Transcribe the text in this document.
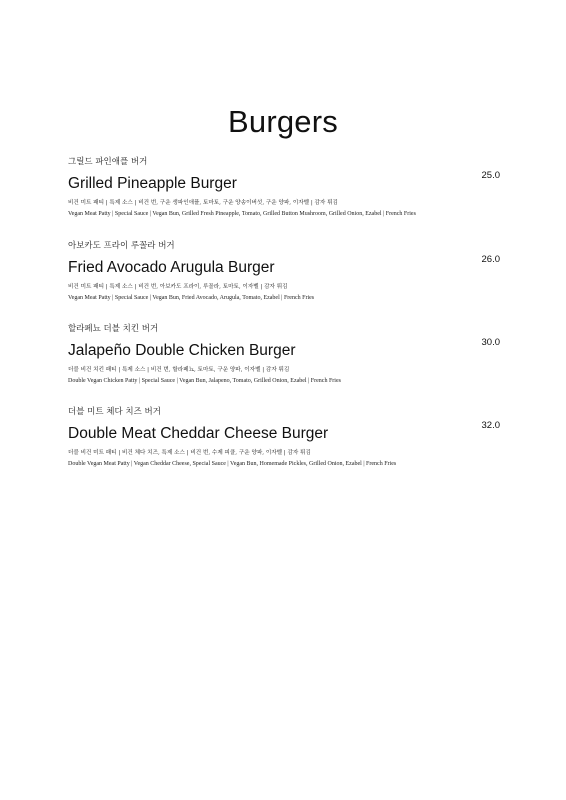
Burgers
그릴드 파인애플 버거
Grilled Pineapple Burger	25.0
비건 미트 패티 | 특제 소스 | 비건 번, 구운 생파인애플, 토마토, 구운 양송이버섯, 구운 양파, 이자벨 | 감자 튀김
Vegan Meat Patty | Special Sauce | Vegan Bun, Grilled Fresh Pineapple, Tomato, Grilled Button Mushroom, Grilled Onion, Ezabel | French Fries
아보카도 프라이 루꼴라 버거
Fried Avocado Arugula Burger	26.0
비건 미트 패티 | 특제 소스 | 비건 번, 아보카도 프라이, 루꼴라, 토마토, 이자벨 | 감자 튀김
Vegan Meat Patty | Special Sauce | Vegan Bun, Fried Avocado, Arugula, Tomato, Ezabel | French Fries
할라페뇨 더블 치킨 버거
Jalapeño Double Chicken Burger	30.0
더블 비건 치킨 패티 | 특제 소스 | 비건 번, 할라페뇨, 토마토, 구운 양파, 이자벨 | 감자 튀김
Double Vegan Chicken Patty | Special Sauce | Vegan Bun, Jalapeno, Tomato, Grilled Onion, Ezabel | French Fries
더블 미트 체다 치즈 버거
Double Meat Cheddar Cheese Burger	32.0
더블 비건 미트 패티 | 비건 체다 치즈, 특제 소스 | 비건 번, 수제 피클, 구운 양파, 이자벨 | 감자 튀김
Double Vegan Meat Patty | Vegan Cheddar Cheese, Special Sauce | Vegan Bun, Homemade Pickles, Grilled Onion, Ezabel | French Fries
